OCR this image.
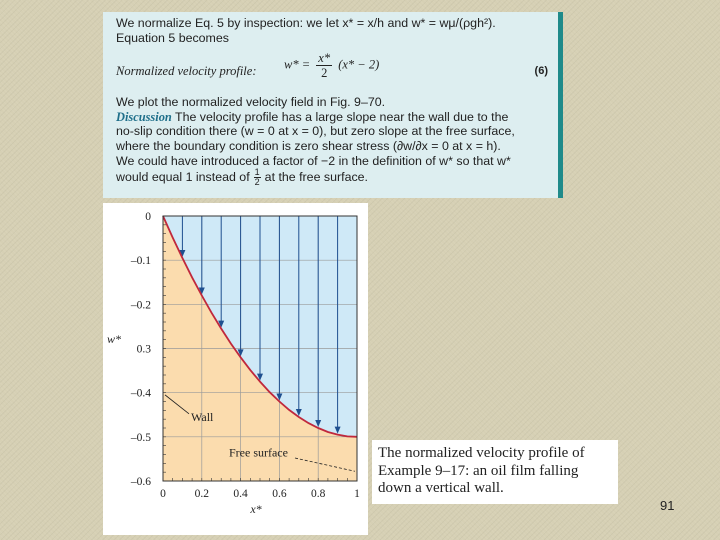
We normalize Eq. 5 by inspection: we let x* = x/h and w* = wμ/(ρgh²).

Equation 5 becomes

Normalized velocity profile: $w* = \frac{x*}{2} (x* - 2)$	(6)

We plot the normalized velocity field in Fig. 9–70.

Discussion The velocity profile has a large slope near the wall due to the

no-slip condition there (w = 0 at x = 0), but zero slope at the free surface,

where the boundary condition is zero shear stress (∂w/∂x = 0 at x = h).

We could have introduced a factor of −2 in the definition of w* so that w*

would equal 1 instead of $\frac{1}{2}$ at the free surface.

0
–0.1
–0.2
0.3
–0.4
–0.5
–0.6
0 0.2 0.4 0.6 0.8 1
x*
w*
Wall
Free surface	The normalized velocity profile of
Example 9–17: an oil film falling
down a vertical wall.
91
